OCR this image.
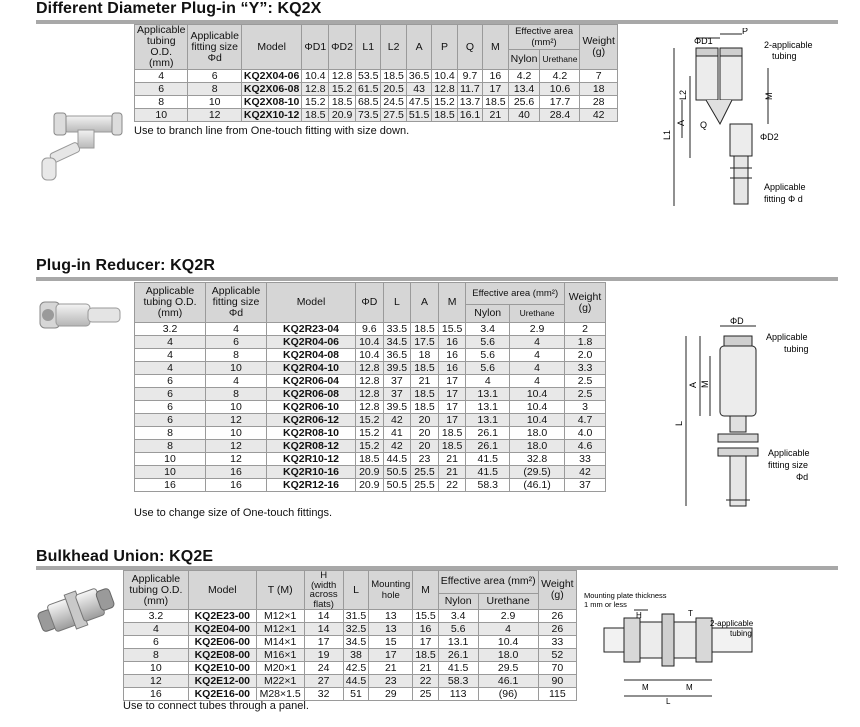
Different Diameter Plug-in “Y”: KQ2X
Applicable tubing O.D. (mm)	Applicable fitting size Φd	Model	ΦD1	ΦD2	L1	L2	A	P	Q	M	Effective area (mm²)		Weight (g)
											Nylon	Urethane	
4	6	KQ2X04-06	10.4	12.8	53.5	18.5	36.5	10.4	9.7	16	4.2	4.2	7
6	8	KQ2X06-08	12.8	15.2	61.5	20.5	43	12.8	11.7	17	13.4	10.6	18
8	10	KQ2X08-10	15.2	18.5	68.5	24.5	47.5	15.2	13.7	18.5	25.6	17.7	28
10	12	KQ2X10-12	18.5	20.9	73.5	27.5	51.5	18.5	16.1	21	40	28.4	42
Use to branch line from One-touch fitting with size down.
ΦD1
P
2-applicable
tubing
L2	M
A
L1
Q
ΦD2
Applicable
fitting Φ d
Plug-in Reducer: KQ2R
Applicable tubing O.D. (mm)	Applicable fitting size Φd	Model	ΦD	L	A	M	Effective area (mm²)		Weight (g)
							Nylon	Urethane	
3.2	4	KQ2R23-04	9.6	33.5	18.5	15.5	3.4	2.9	2
4	6	KQ2R04-06	10.4	34.5	17.5	16	5.6	4	1.8
4	8	KQ2R04-08	10.4	36.5	18	16	5.6	4	2.0
4	10	KQ2R04-10	12.8	39.5	18.5	16	5.6	4	3.3
6	4	KQ2R06-04	12.8	37	21	17	4	4	2.5
6	8	KQ2R06-08	12.8	37	18.5	17	13.1	10.4	2.5
6	10	KQ2R06-10	12.8	39.5	18.5	17	13.1	10.4	3
6	12	KQ2R06-12	15.2	42	20	17	13.1	10.4	4.7
8	10	KQ2R08-10	15.2	41	20	18.5	26.1	18.0	4.0
8	12	KQ2R08-12	15.2	42	20	18.5	26.1	18.0	4.6
10	12	KQ2R10-12	18.5	44.5	23	21	41.5	32.8	33
10	16	KQ2R10-16	20.9	50.5	25.5	21	41.5	(29.5)	42
16	16	KQ2R12-16	20.9	50.5	25.5	22	58.3	(46.1)	37
Use to change size of One-touch fittings.
ΦD
Applicable
tubing
A M
L
Applicable
fitting size
Φd
Bulkhead Union: KQ2E
Applicable tubing O.D. (mm)	Model	T (M)	H (width across flats)	L	Mounting hole	M	Effective area (mm²)		Weight (g)
							Nylon	Urethane	
3.2	KQ2E23-00	M12×1	14	31.5	13	15.5	3.4	2.9	26
4	KQ2E04-00	M12×1	14	32.5	13	16	5.6	4	26
6	KQ2E06-00	M14×1	17	34.5	15	17	13.1	10.4	33
8	KQ2E08-00	M16×1	19	38	17	18.5	26.1	18.0	52
10	KQ2E10-00	M20×1	24	42.5	21	21	41.5	29.5	70
12	KQ2E12-00	M22×1	27	44.5	23	22	58.3	46.1	90
16	KQ2E16-00	M28×1.5	32	51	29	25	113	(96)	115
Use to connect tubes through a panel.
Mounting plate thickness
1 mm or less
H	T
2-applicable
tubing
M	M
L
